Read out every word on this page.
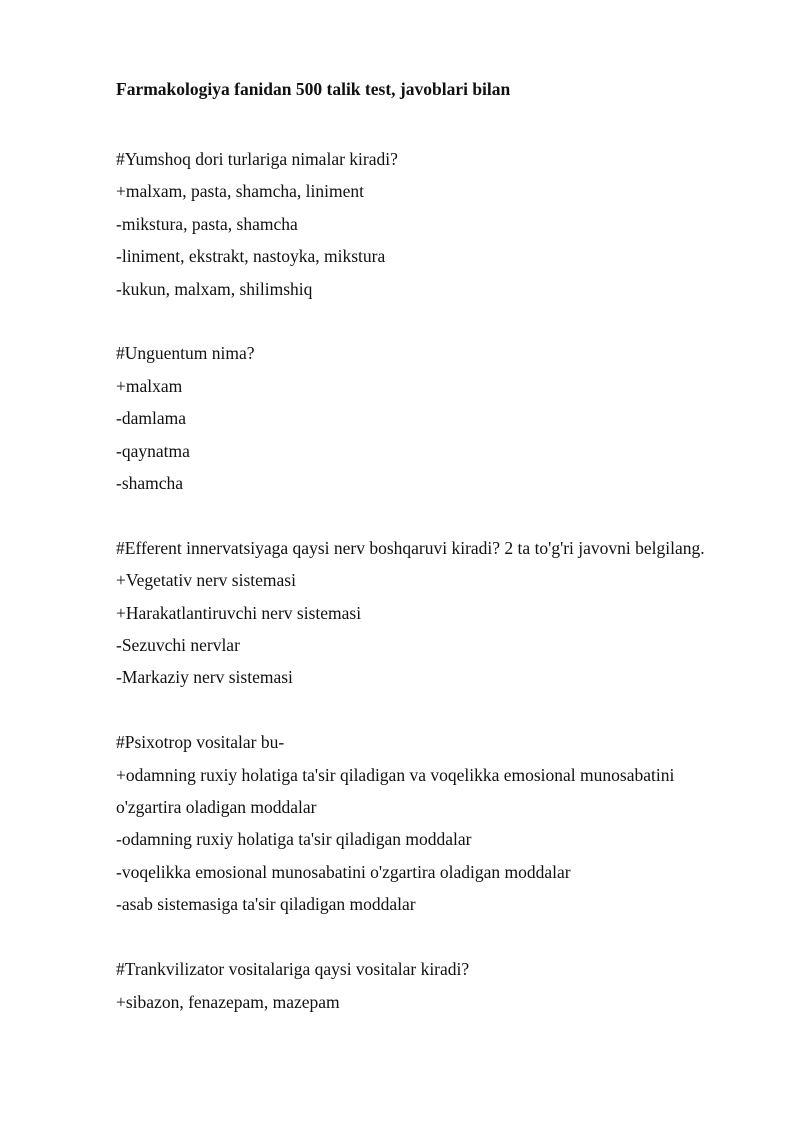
Farmakologiya fanidan 500 talik test, javoblari bilan
#Yumshoq dori turlariga nimalar kiradi?
+malxam, pasta, shamcha, liniment
-mikstura, pasta, shamcha
-liniment, ekstrakt, nastoyka, mikstura
-kukun, malxam, shilimshiq
#Unguentum nima?
+malxam
-damlama
-qaynatma
-shamcha
#Efferent innervatsiyaga qaysi nerv boshqaruvi kiradi? 2 ta to'g'ri javovni belgilang.
+Vegetativ nerv sistemasi
+Harakatlantiruvchi nerv sistemasi
-Sezuvchi nervlar
-Markaziy nerv sistemasi
#Psixotrop vositalar bu-
+odamning ruxiy holatiga ta'sir qiladigan va voqelikka emosional munosabatini o'zgartira oladigan moddalar
-odamning ruxiy holatiga ta'sir qiladigan moddalar
-voqelikka emosional munosabatini o'zgartira oladigan moddalar
-asab sistemasiga ta'sir qiladigan moddalar
#Trankvilizator vositalariga qaysi vositalar kiradi?
+sibazon, fenazepam, mazepam
